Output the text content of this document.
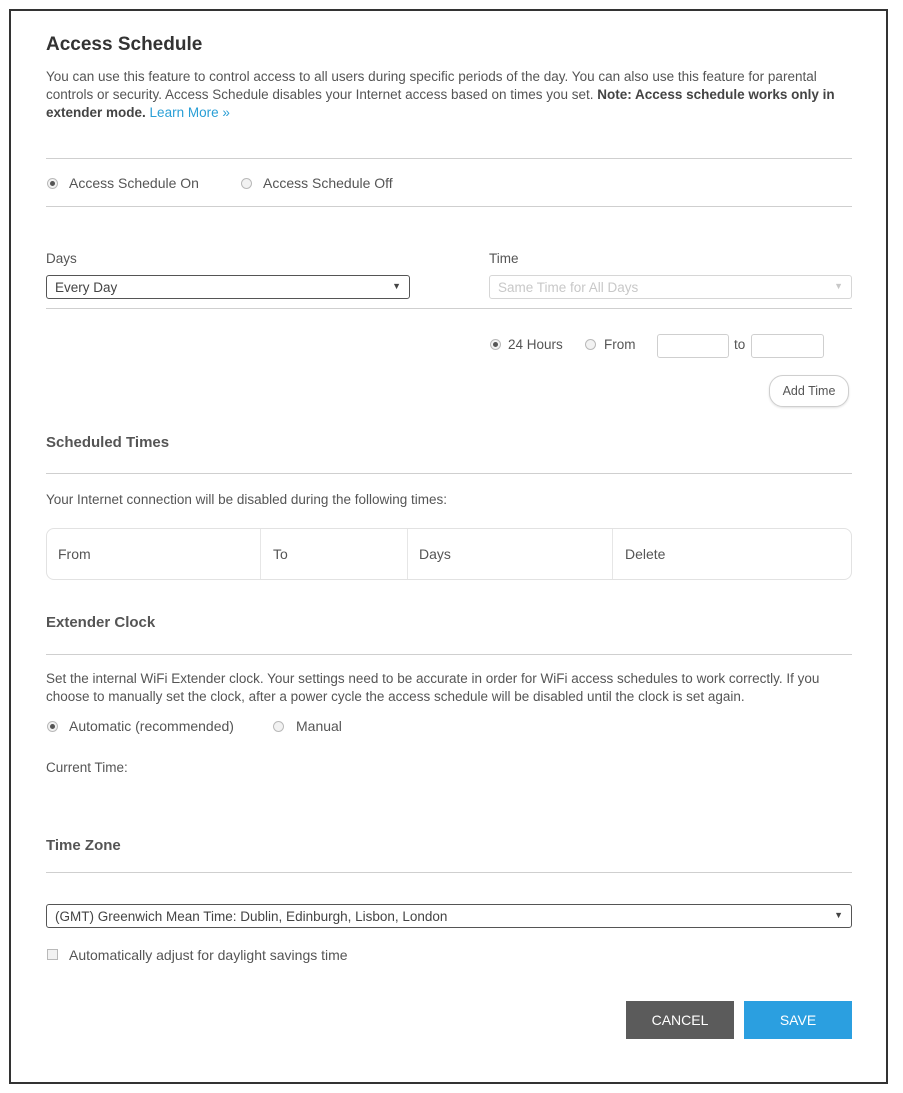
Access Schedule

You can use this feature to control access to all users during specific periods of the day. You can also use this feature for parental controls or security. Access Schedule disables your Internet access based on times you set. Note: Access schedule works only in extender mode. Learn More »

Access Schedule On	Access Schedule Off
Days
Every Day	▼
Time
Same Time for All Days	▼
24 Hours	From	to
Add Time
Scheduled Times

Your Internet connection will be disabled during the following times:

From	To	Days	Delete
Extender Clock

Set the internal WiFi Extender clock. Your settings need to be accurate in order for WiFi access schedules to work correctly. If you choose to manually set the clock, after a power cycle the access schedule will be disabled until the clock is set again.

Automatic (recommended)	Manual
Current Time:
Time Zone
(GMT) Greenwich Mean Time: Dublin, Edinburgh, Lisbon, London	▼
Automatically adjust for daylight savings time
CANCEL	SAVE
